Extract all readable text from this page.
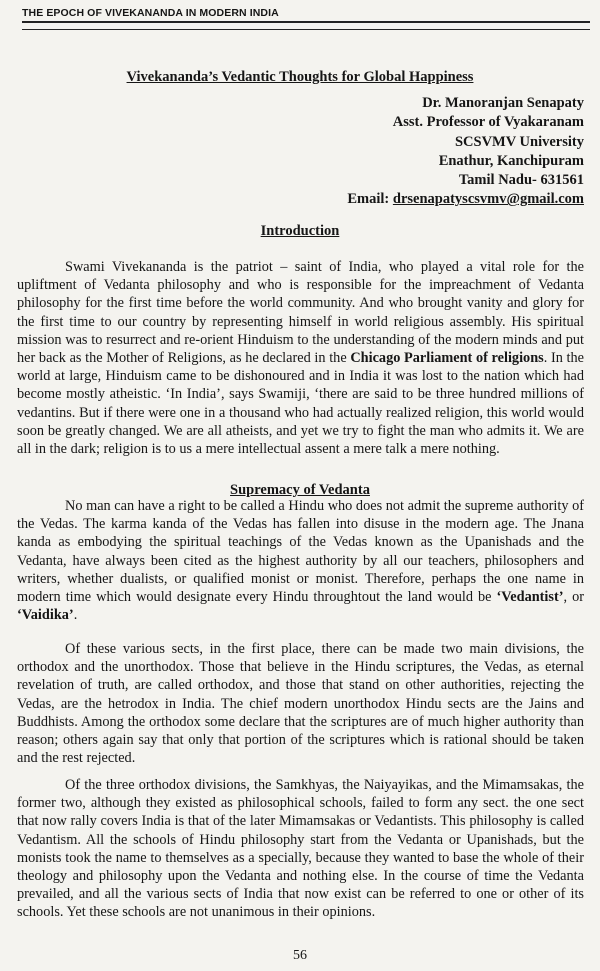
THE EPOCH OF VIVEKANANDA IN MODERN INDIA
Vivekananda’s Vedantic Thoughts for Global Happiness
Dr. Manoranjan Senapaty
Asst. Professor of Vyakaranam
SCSVMV University
Enathur, Kanchipuram
Tamil Nadu- 631561
Email: drsenapatyscsvmv@gmail.com
Introduction

Swami Vivekananda is the patriot – saint of India, who played a vital role for the upliftment of Vedanta philosophy and who is responsible for the impreachment of Vedanta philosophy for the first time before the world community. And who brought vanity and glory for the first time to our country by representing himself in world religious assembly. His spiritual mission was to resurrect and re-orient Hinduism to the understanding of the modern minds and put her back as the Mother of Religions, as he declared in the Chicago Parliament of religions. In the world at large, Hinduism came to be dishonoured and in India it was lost to the nation which had become mostly atheistic. ‘In India’, says Swamiji, ‘there are said to be three hundred millions of vedantins. But if there were one in a thousand who had actually realized religion, this world would soon be greatly changed. We are all atheists, and yet we try to fight the man who admits it. We are all in the dark; religion is to us a mere intellectual assent a mere talk a mere nothing.

Supremacy of Vedanta

No man can have a right to be called a Hindu who does not admit the supreme authority of the Vedas. The karma kanda of the Vedas has fallen into disuse in the modern age. The Jnana kanda as embodying the spiritual teachings of the Vedas known as the Upanishads and the Vedanta, have always been cited as the highest authority by all our teachers, philosophers and writers, whether dualists, or qualified monist or monist. Therefore, perhaps the one name in modern time which would designate every Hindu throughtout the land would be ‘Vedantist’, or ‘Vaidika’.

Of these various sects, in the first place, there can be made two main divisions, the orthodox and the unorthodox. Those that believe in the Hindu scriptures, the Vedas, as eternal revelation of truth, are called orthodox, and those that stand on other authorities, rejecting the Vedas, are the hetrodox in India. The chief modern unorthodox Hindu sects are the Jains and Buddhists. Among the orthodox some declare that the scriptures are of much higher authority than reason; others again say that only that portion of the scriptures which is rational should be taken and the rest rejected.

Of the three orthodox divisions, the Samkhyas, the Naiyayikas, and the Mimamsakas, the former two, although they existed as philosophical schools, failed to form any sect. the one sect that now rally covers India is that of the later Mimamsakas or Vedantists. This philosophy is called Vedantism. All the schools of Hindu philosophy start from the Vedanta or Upanishads, but the monists took the name to themselves as a specially, because they wanted to base the whole of their theology and philosophy upon the Vedanta and nothing else. In the course of time the Vedanta prevailed, and all the various sects of India that now exist can be referred to one or other of its schools. Yet these schools are not unanimous in their opinions.

56
